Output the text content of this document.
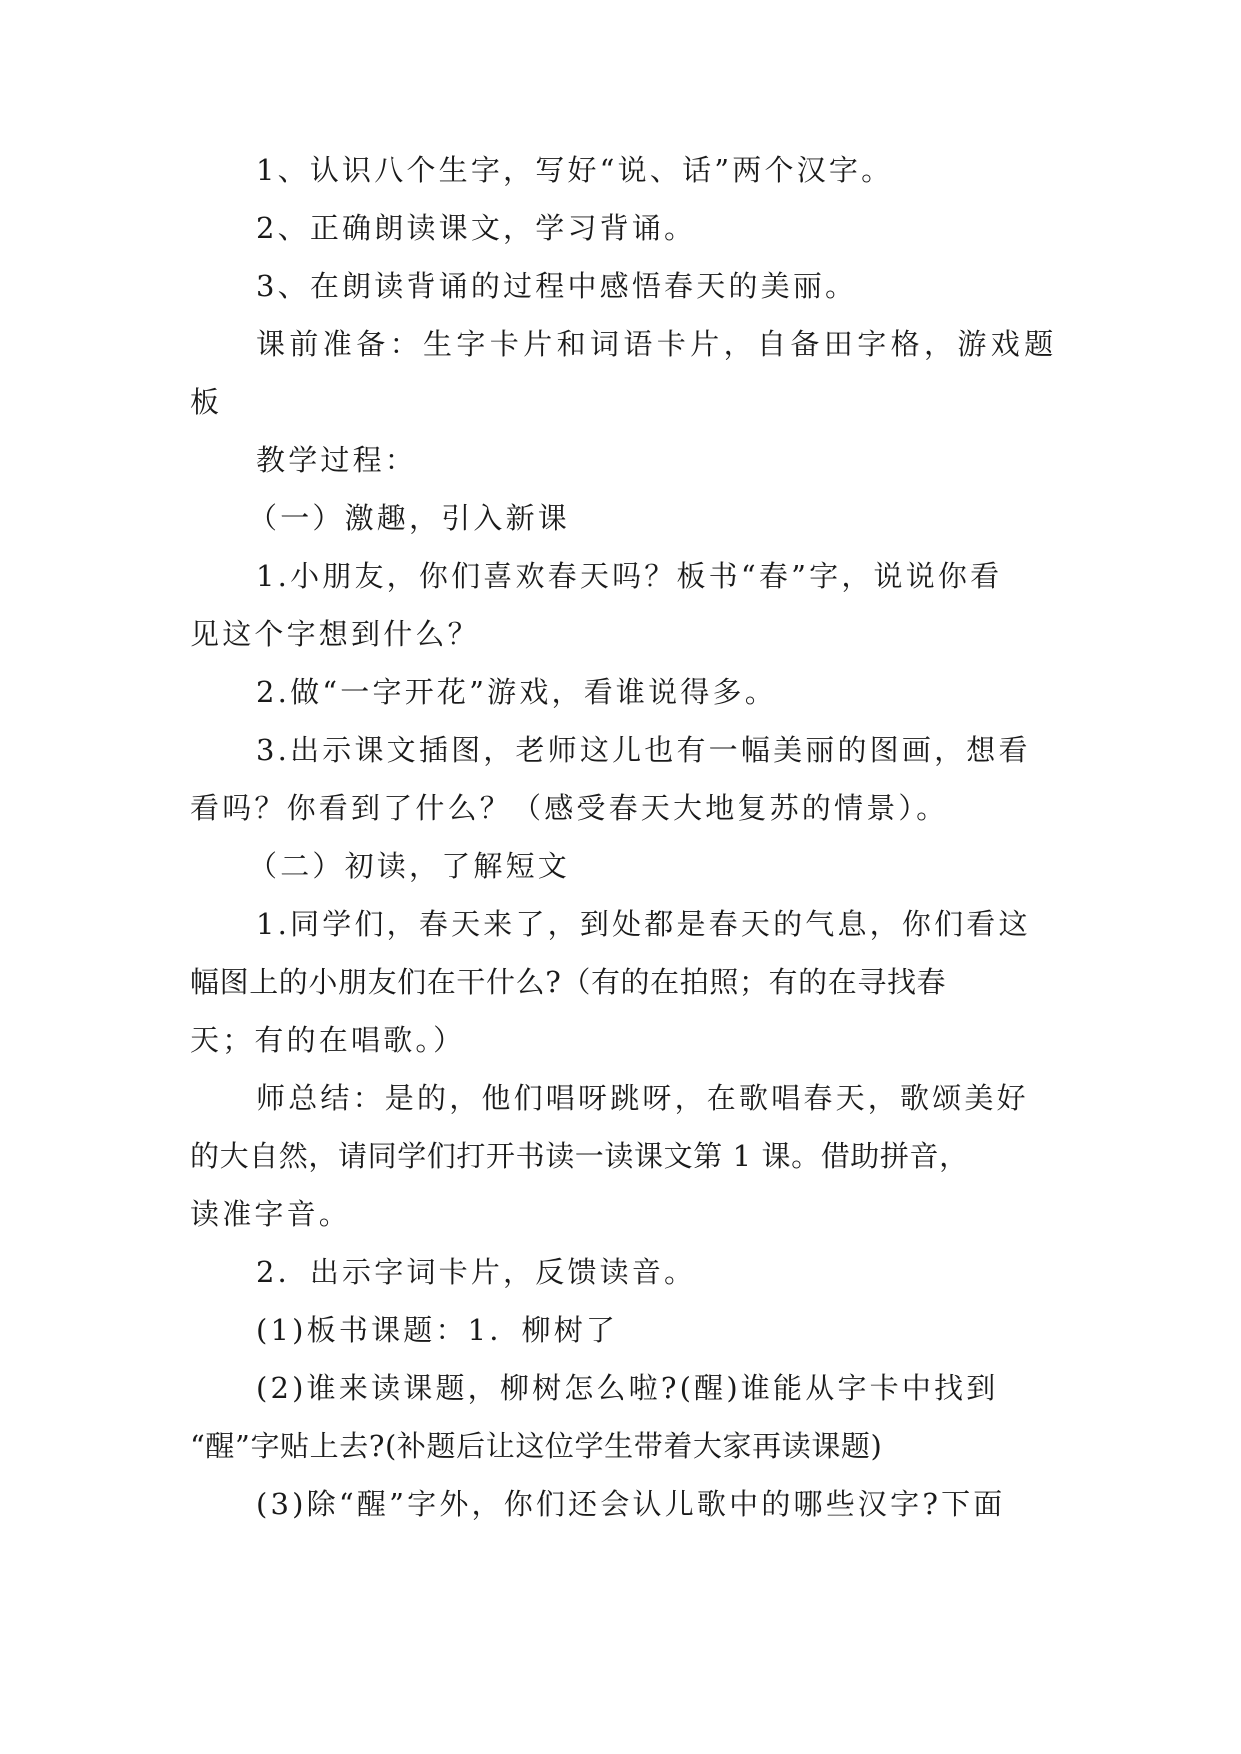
1、认识八个生字，写好“说、话”两个汉字。
2、正确朗读课文，学习背诵。
3、在朗读背诵的过程中感悟春天的美丽。
课前准备：生字卡片和词语卡片，自备田字格，游戏题
板
教学过程：
（一）激趣，引入新课
1.小朋友，你们喜欢春天吗？板书“春”字，说说你看
见这个字想到什么？
2.做“一字开花”游戏，看谁说得多。
3.出示课文插图，老师这儿也有一幅美丽的图画，想看
看吗？你看到了什么？（感受春天大地复苏的情景）。
（二）初读，了解短文
1.同学们，春天来了，到处都是春天的气息，你们看这
幅图上的小朋友们在干什么?（有的在拍照；有的在寻找春
天；有的在唱歌。）
师总结：是的，他们唱呀跳呀，在歌唱春天，歌颂美好
的大自然，请同学们打开书读一读课文第 1 课。借助拼音，
读准字音。
2．出示字词卡片，反馈读音。
(1)板书课题：1．柳树了
(2)谁来读课题，柳树怎么啦?(醒)谁能从字卡中找到
“醒”字贴上去?(补题后让这位学生带着大家再读课题)
(3)除“醒”字外，你们还会认儿歌中的哪些汉字?下面
